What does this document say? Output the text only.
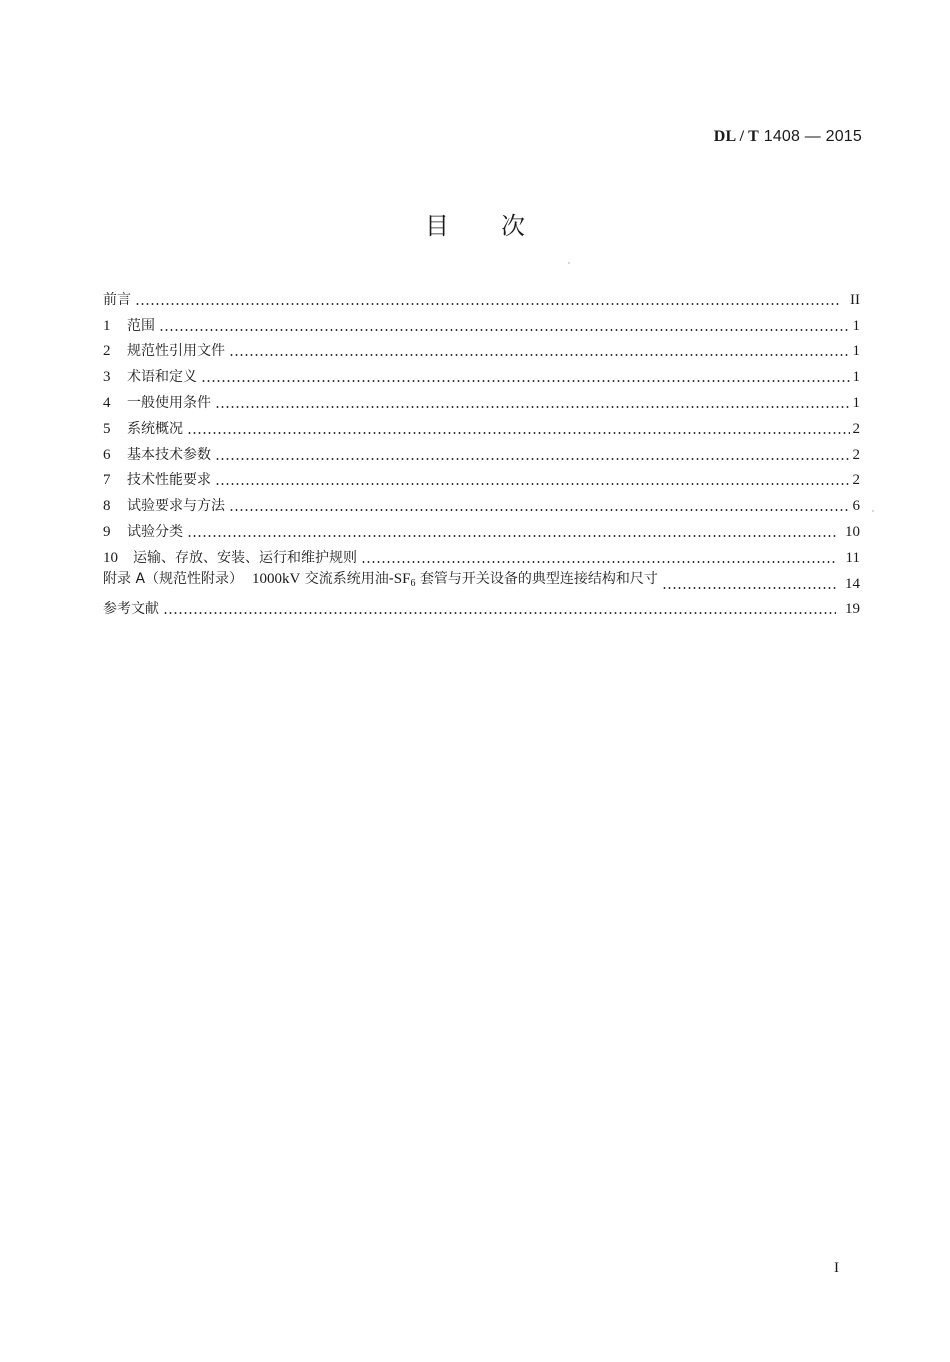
DL / T 1408 — 2015
目 次
前言	II
1	范围	1
2	规范性引用文件	1
3	术语和定义	1
4	一般使用条件	1
5	系统概况	2
6	基本技术参数	2
7	技术性能要求	2
8	试验要求与方法	6
9	试验分类	10
10	运输、存放、安装、运行和维护规则	11
附录 A（规范性附录） 1000kV 交流系统用油$-SF_6$ 套管与开关设备的典型连接结构和尺寸	14
参考文献	19
I
